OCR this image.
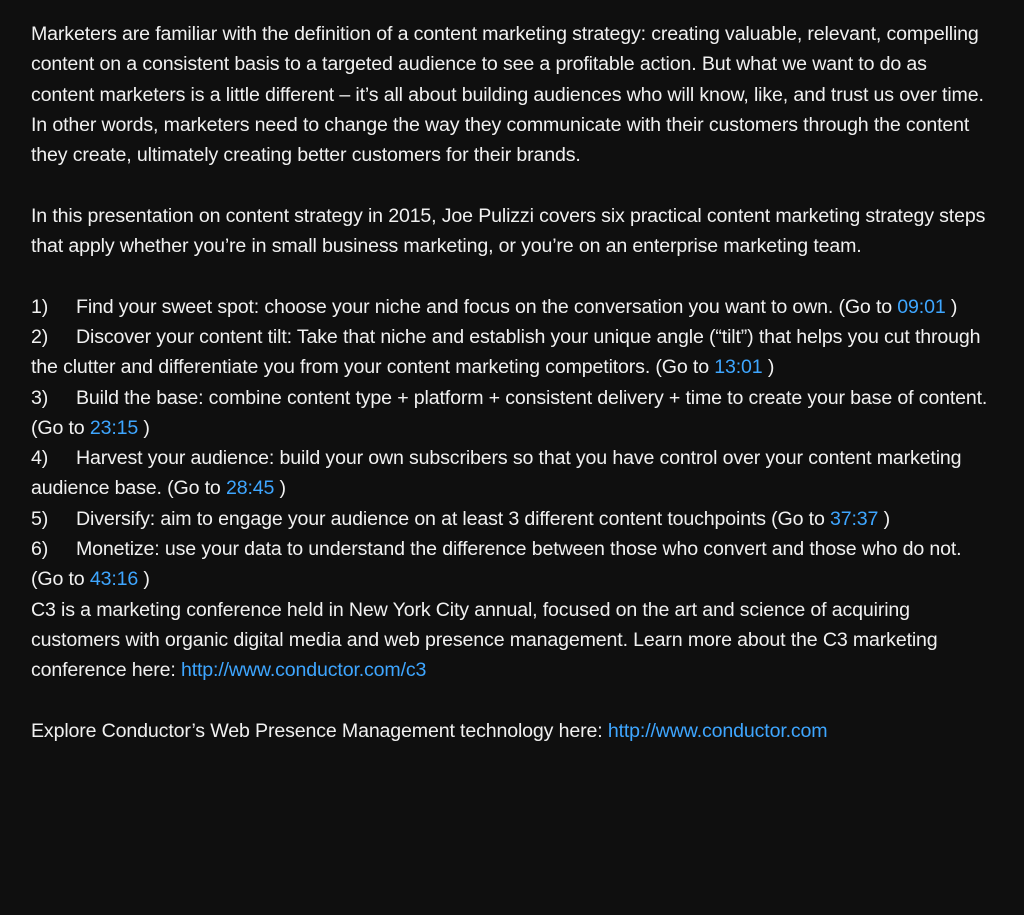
Marketers are familiar with the definition of a content marketing strategy: creating valuable, relevant, compelling content on a consistent basis to a targeted audience to see a profitable action. But what we want to do as content marketers is a little different – it’s all about building audiences who will know, like, and trust us over time. In other words, marketers need to change the way they communicate with their customers through the content they create, ultimately creating better customers for their brands.

In this presentation on content strategy in 2015, Joe Pulizzi covers six practical content marketing strategy steps that apply whether you’re in small business marketing, or you’re on an enterprise marketing team.

1) Find your sweet spot: choose your niche and focus on the conversation you want to own. (Go to 09:01 )

2) Discover your content tilt: Take that niche and establish your unique angle (“tilt”) that helps you cut through the clutter and differentiate you from your content marketing competitors. (Go to 13:01 )

3) Build the base: combine content type + platform + consistent delivery + time to create your base of content. (Go to 23:15 )

4) Harvest your audience: build your own subscribers so that you have control over your content marketing audience base. (Go to 28:45 )

5) Diversify: aim to engage your audience on at least 3 different content touchpoints (Go to 37:37 )

6) Monetize: use your data to understand the difference between those who convert and those who do not. (Go to 43:16 )

C3 is a marketing conference held in New York City annual, focused on the art and science of acquiring customers with organic digital media and web presence management. Learn more about the C3 marketing conference here: http://www.conductor.com/c3

Explore Conductor’s Web Presence Management technology here: http://www.conductor.com
